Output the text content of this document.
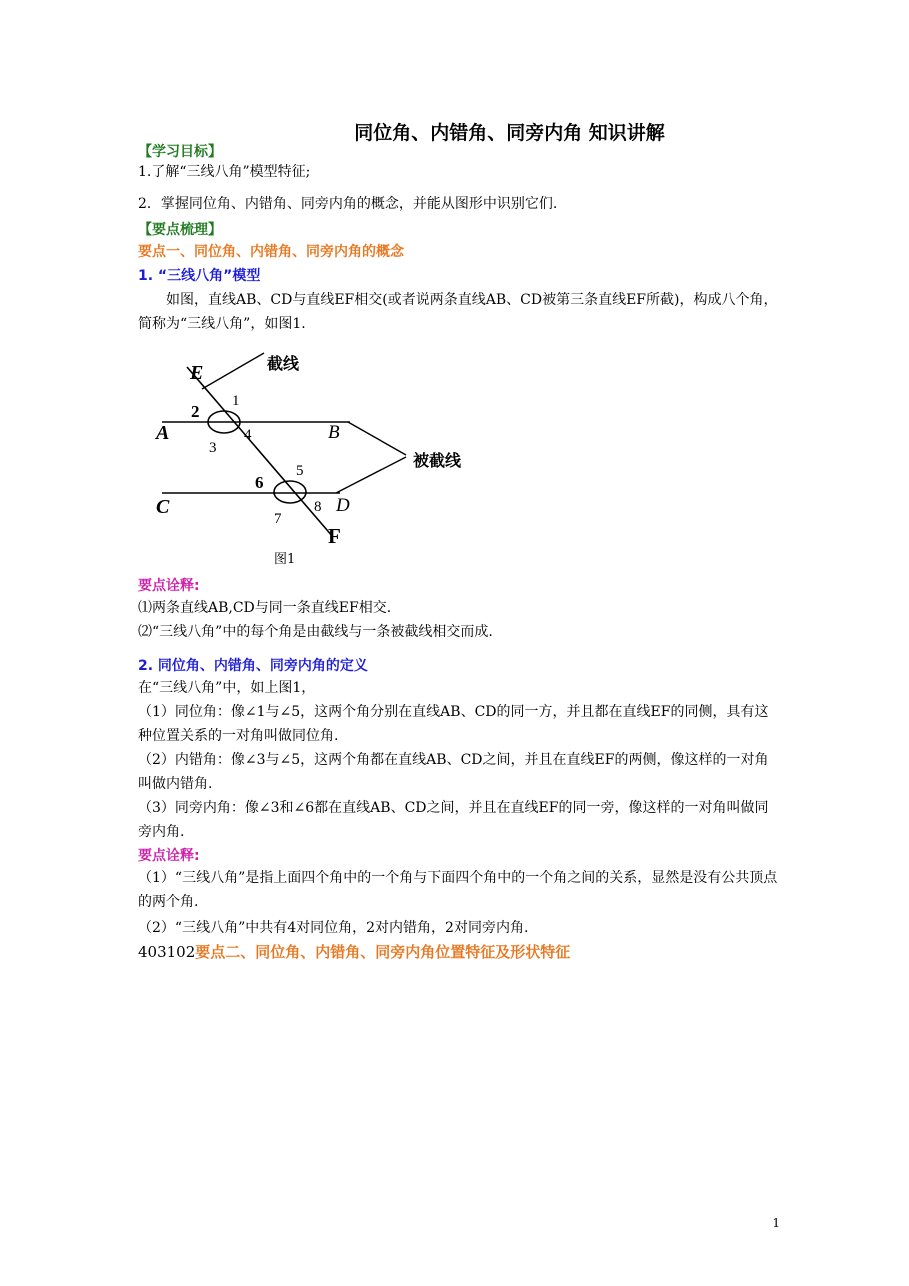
同位角、内错角、同旁内角 知识讲解
【学习目标】
1.了解“三线八角”模型特征;
2．掌握同位角、内错角、同旁内角的概念，并能从图形中识别它们.
【要点梳理】
要点一、同位角、内错角、同旁内角的概念
1. “三线八角”模型
如图，直线AB、CD与直线EF相交(或者说两条直线AB、CD被第三条直线EF所截)，构成八个角，简称为“三线八角”，如图1.
E
A	B
C	D
F
1
2
3
4
5
6
7
8
截线
被截线
图1
要点诠释:
⑴两条直线AB,CD与同一条直线EF相交.
⑵“三线八角”中的每个角是由截线与一条被截线相交而成.
2. 同位角、内错角、同旁内角的定义
在“三线八角”中，如上图1，
（1）同位角：像∠1与∠5，这两个角分别在直线AB、CD的同一方，并且都在直线EF的同侧，具有这种位置关系的一对角叫做同位角.
（2）内错角：像∠3与∠5，这两个角都在直线AB、CD之间，并且在直线EF的两侧，像这样的一对角叫做内错角.
（3）同旁内角：像∠3和∠6都在直线AB、CD之间，并且在直线EF的同一旁，像这样的一对角叫做同旁内角.
要点诠释:
（1）“三线八角”是指上面四个角中的一个角与下面四个角中的一个角之间的关系，显然是没有公共顶点的两个角.
（2）“三线八角”中共有4对同位角，2对内错角，2对同旁内角.
403102要点二、同位角、内错角、同旁内角位置特征及形状特征
1
